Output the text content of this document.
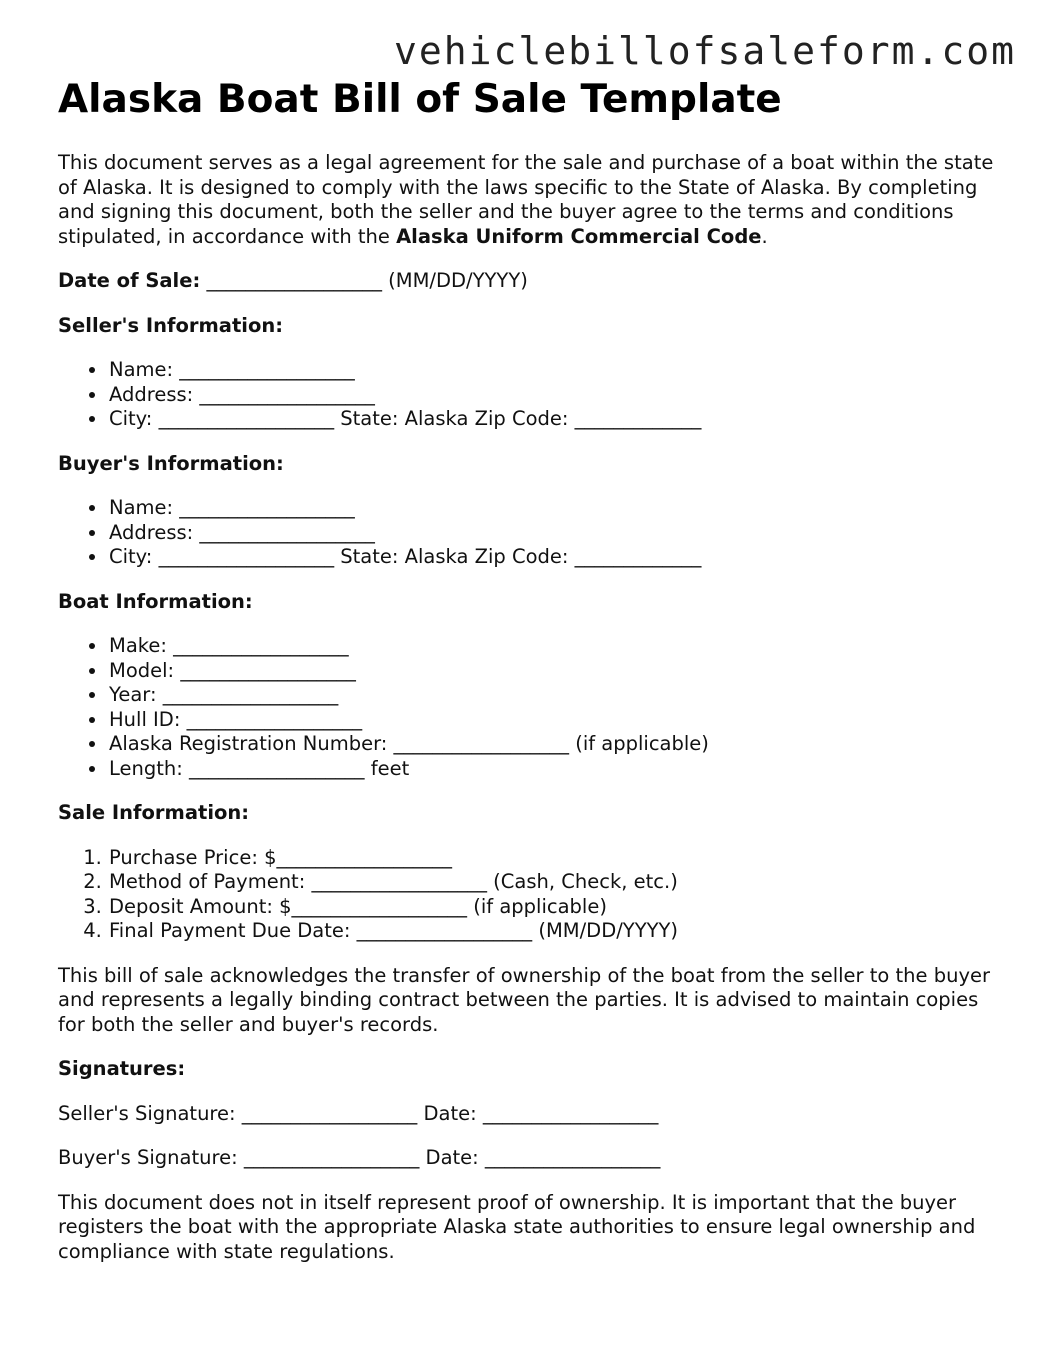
vehiclebillofsaleform.com
Alaska Boat Bill of Sale Template

This document serves as a legal agreement for the sale and purchase of a boat within the state of Alaska. It is designed to comply with the laws specific to the State of Alaska. By completing and signing this document, both the seller and the buyer agree to the terms and conditions stipulated, in accordance with the Alaska Uniform Commercial Code.

Date of Sale: __________________ (MM/DD/YYYY)
Seller's Information:
• Name: __________________
• Address: __________________
• City: __________________ State: Alaska Zip Code: _____________
Buyer's Information:
• Name: __________________
• Address: __________________
• City: __________________ State: Alaska Zip Code: _____________
Boat Information:
• Make: __________________
• Model: __________________
• Year: __________________
• Hull ID: __________________
• Alaska Registration Number: __________________ (if applicable)
• Length: __________________ feet
Sale Information:
1. Purchase Price: $__________________
2. Method of Payment: __________________ (Cash, Check, etc.)
3. Deposit Amount: $__________________ (if applicable)
4. Final Payment Due Date: __________________ (MM/DD/YYYY)

This bill of sale acknowledges the transfer of ownership of the boat from the seller to the buyer and represents a legally binding contract between the parties. It is advised to maintain copies for both the seller and buyer's records.

Signatures:
Seller's Signature: __________________ Date: __________________
Buyer's Signature: __________________ Date: __________________

This document does not in itself represent proof of ownership. It is important that the buyer registers the boat with the appropriate Alaska state authorities to ensure legal ownership and compliance with state regulations.
